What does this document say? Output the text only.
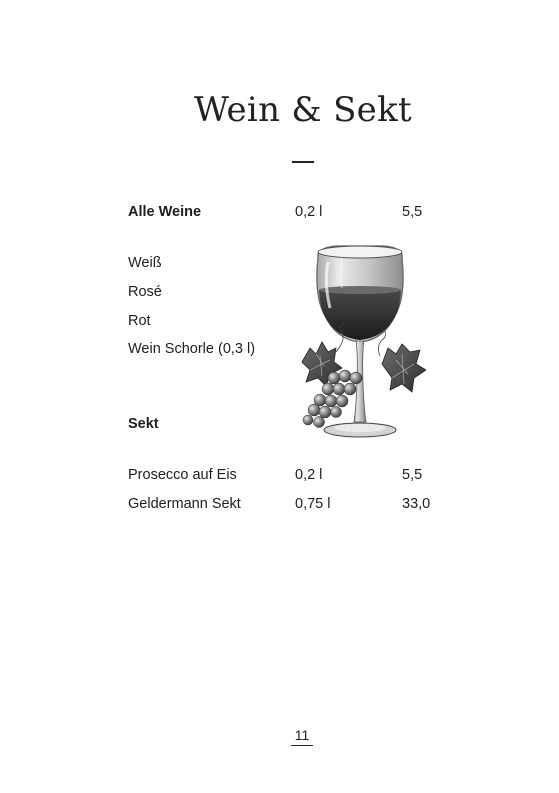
Wein & Sekt
Alle Weine	0,2 l	5,5
Weiß
Rosé
Rot
Wein Schorle (0,3 l)
Sekt
Prosecco auf Eis	0,2 l	5,5
Geldermann Sekt	0,75 l	33,0
11
